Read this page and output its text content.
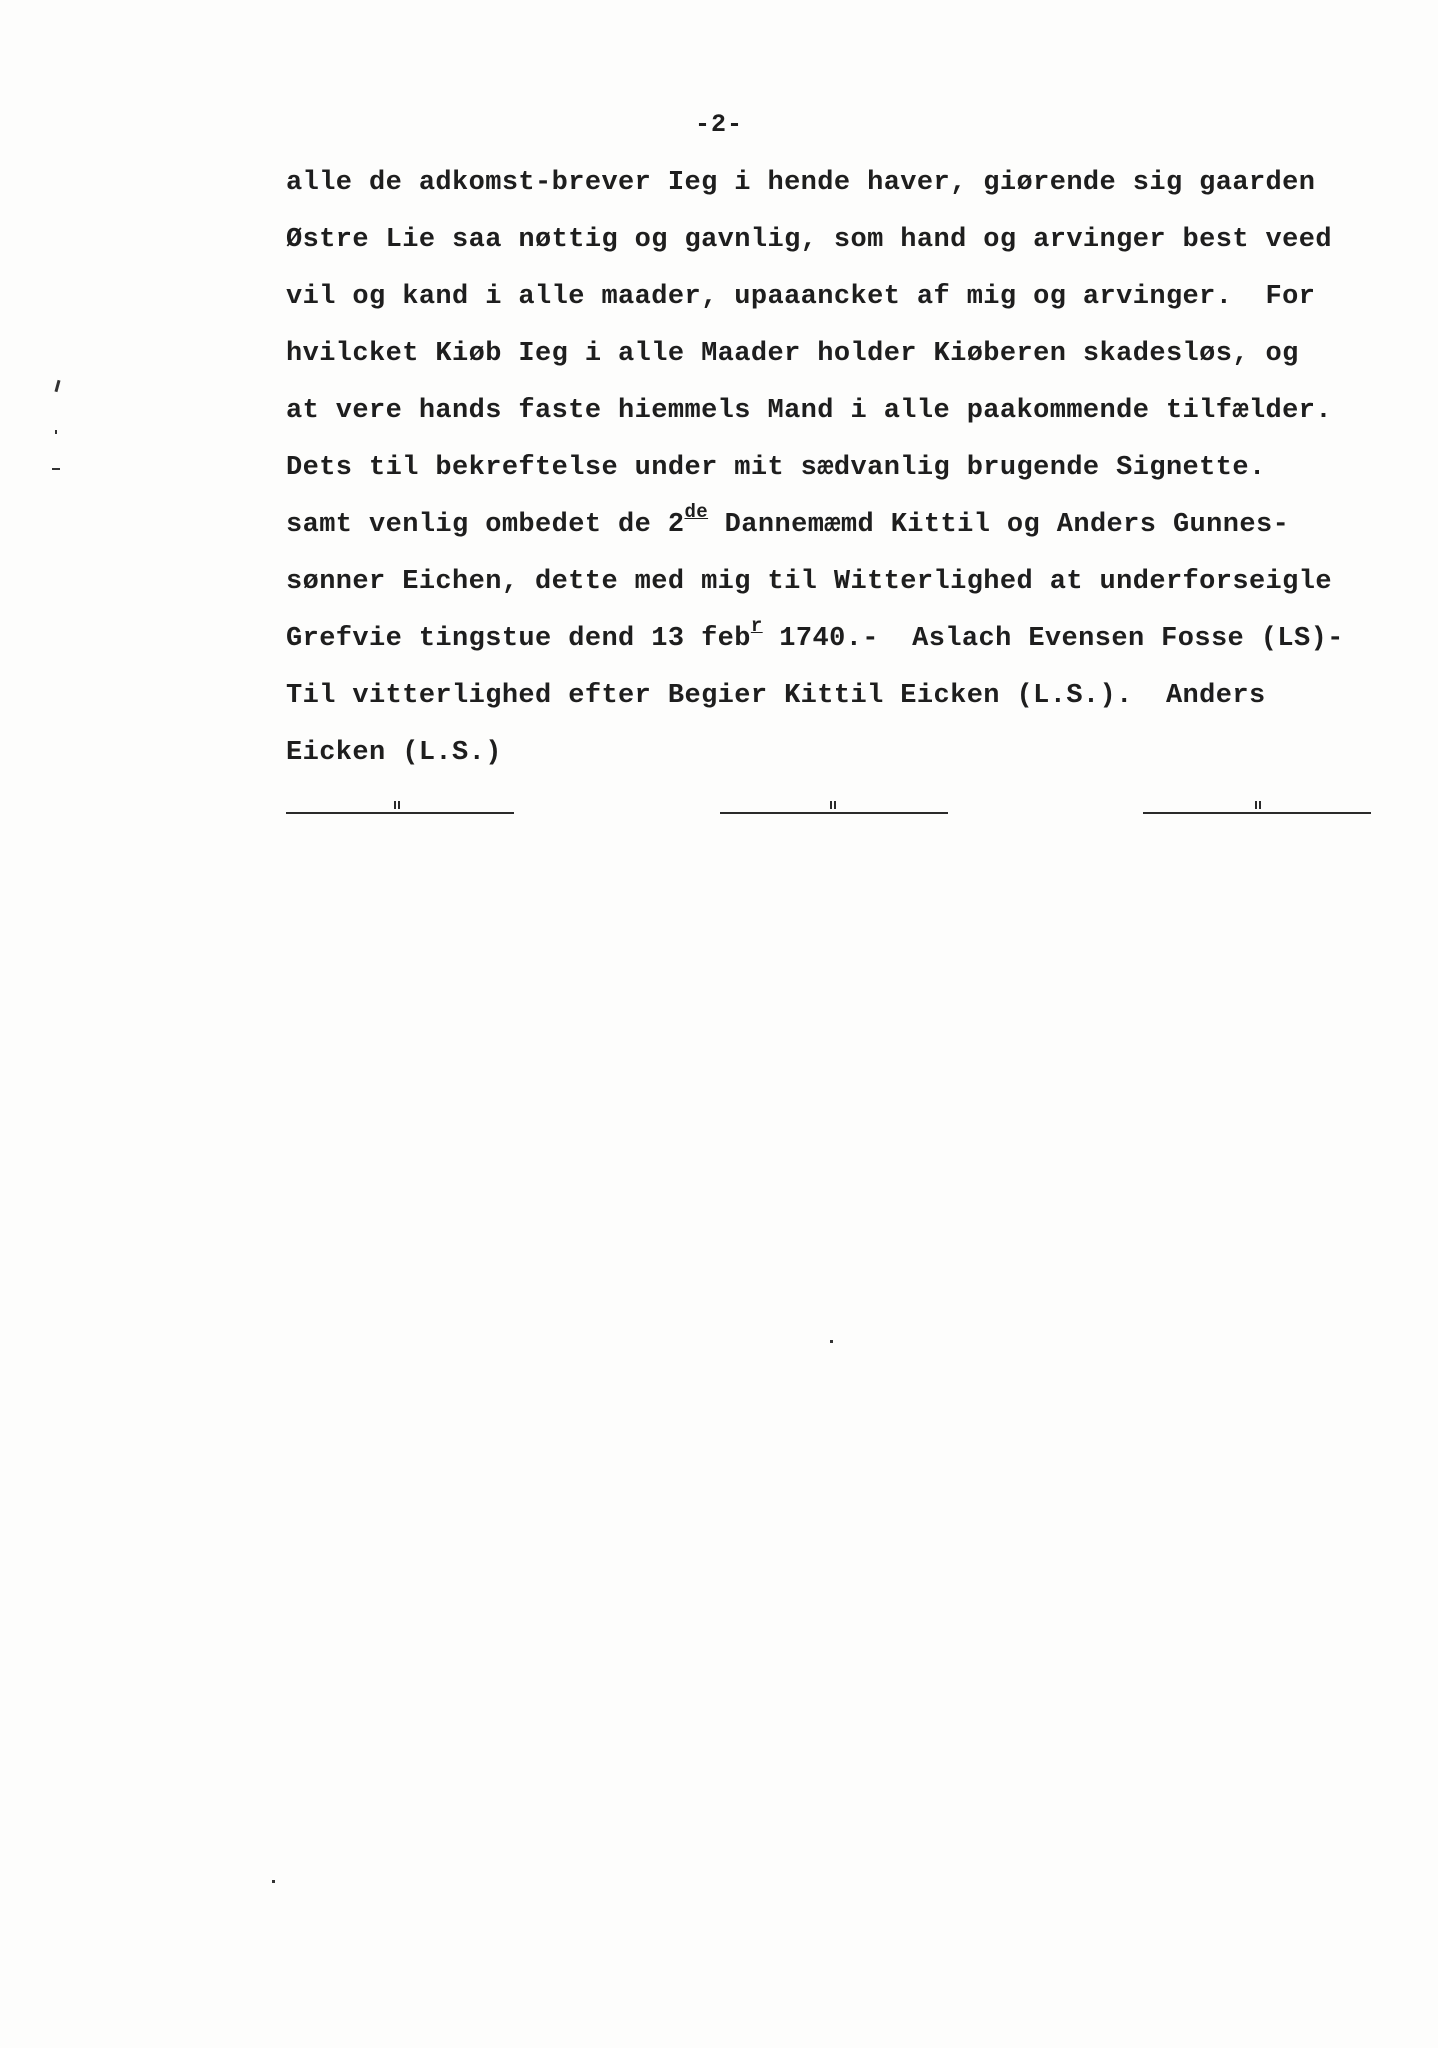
-2-
alle de adkomst-brever Ieg i hende haver, giørende sig gaarden
Østre Lie saa nøttig og gavnlig, som hand og arvinger best veed
vil og kand i alle maader, upaaancket af mig og arvinger.  For
hvilcket Kiøb Ieg i alle Maader holder Kiøberen skadesløs, og
at vere hands faste hiemmels Mand i alle paakommende tilfælder.
Dets til bekreftelse under mit sædvanlig brugende Signette.
samt venlig ombedet de 2de Dannemæmd Kittil og Anders Gunnes-
sønner Eichen, dette med mig til Witterlighed at underforseigle
Grefvie tingstue dend 13 feb$^r$ 1740.-  Aslach Evensen Fosse (LS)-
Til vitterlighed efter Begier Kittil Eicken (L.S.).  Anders
Eicken (L.S.)
